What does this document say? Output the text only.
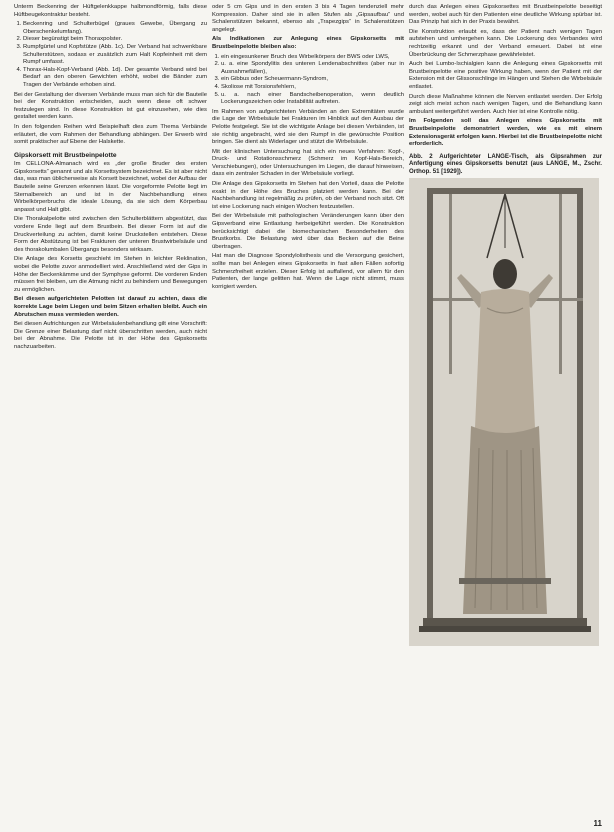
Unterm Beckenring der Hüftgelenkkappe halbmondförmig, falls diese Hüftbeugekontraktur besteht.

1. Beckenring und Schulterbügel (graues Gewebe, Übergang zu Oberschenkelumfang).
2. Dieser begünstigt beim Thoraxpolster.
3. Rumpfgürtel und Kopfstütze (Abb. 1c). Der Verband hat schwenkbare Schulterstützen, sodass er zusätzlich zum Halt Kopfeinheit mit dem Rumpf umfasst.
4. Thorax-Hals-Kopf-Verband (Abb. 1d). Der gesamte Verband wird bei Bedarf an den oberen Gewichten erhöht, wobei die Bänder zum Tragen der Verbände erhoben sind.

Bei der Gestaltung der diversen Verbände muss man sich für die Bauteile bei der Konstruktion entscheiden, auch wenn diese oft schwer festzulegen sind. In diese Konstruktion ist gut einzusehen, wie dies gestaltet werden kann.

In den folgenden Reihen wird Beispielhaft dies zum Thema Verbände erläutert, die vom Rahmen der Behandlung abhängen. Der Erwerb wird somit praktischer auf Ebene der Halskette.

Gipskorsett mit Brustbeinpelotte

Im CELLONA-Almanach wird es „der große Bruder des ersten Gipskorsetts“ genannt und als Korsettsystem bezeichnet. Es ist aber nicht das, was man üblicherweise als Korsett bezeichnet, wobei der Aufbau der Bauteile seine Grenzen erkennen lässt. Die vorgeformte Pelotte liegt im Sternalbereich an und ist in der Nachbehandlung eines Wirbelkörperbruchs die ideale Lösung, da sie sich dem Körperbau anpasst und Halt gibt.

Die Thorakalpelotte wird zwischen den Schulterblättern abgestützt, das vordere Ende liegt auf dem Brustbein. Bei dieser Form ist auf die Druckverteilung zu achten, damit keine Druckstellen entstehen. Diese Form der Abstützung ist bei Frakturen der unteren Brustwirbelsäule und des thorakolumbalen Übergangs besonders wirksam.

Die Anlage des Korsetts geschieht im Stehen in leichter Reklination, wobei die Pelotte zuvor anmodelliert wird. Anschließend wird der Gips in Höhe der Beckenkämme und der Symphyse geformt. Die vorderen Enden müssen frei bleiben, um die Atmung nicht zu behindern und Bewegungen zu ermöglichen.

Bei diesen aufgerichteten Pelotten ist darauf zu achten, dass die korrekte Lage beim Liegen und beim Sitzen erhalten bleibt. Auch ein Abrutschen muss vermieden werden.

Bei diesen Aufrichtungen zur Wirbelsäulenbehandlung gilt eine Vorschrift: Die Grenze einer Belastung darf nicht überschritten werden, auch nicht bei der Abnahme. Die Pelotte ist in der Höhe des Gipskorsetts nachzuarbeiten.

oder 5 cm Gips und in den ersten 3 bis 4 Tagen tendenziell mehr Kompression. Daher sind sie in allen Stufen als „Gipsaufbau“ und Schalenstützen bekannt, ebenso als „Trapezgips“ in Schalenstützen angelegt.

Als Indikationen zur Anlegung eines Gipskorsetts mit Brustbeinpelotte bleiben also:

1. ein eingesunkener Bruch des Wirbelkörpers der BWS oder LWS,
2. u. a. eine Spondylitis des unteren Lendenabschnittes (aber nur in Ausnahmefällen),
3. ein Gibbus oder Scheuermann-Syndrom,
4. Skoliose mit Torsionsfehlern,
5. u. a. nach einer Bandscheibenoperation, wenn deutlich Lockerungszeichen oder Instabilität auftreten.

Im Rahmen von aufgerichteten Verbänden an den Extremitäten wurde die Lage der Wirbelsäule bei Frakturen im Hinblick auf den Ausbau der Pelotte festgelegt. Sie ist die wichtigste Anlage bei diesen Verbänden, ist sie richtig angebracht, wird sie den Rumpf in die gewünschte Position bringen. Sie dient als Widerlager und stützt die Wirbelsäule.

Mit der klinischen Untersuchung hat sich ein neues Verfahren: Kopf-, Druck- und Rotationsschmerz (Schmerz im Kopf-Hals-Bereich, Verschiebungen), oder Untersuchungen im Liegen, die darauf hinweisen, dass ein zentraler Schaden in der Wirbelsäule vorliegt.

Die Anlage des Gipskorsetts im Stehen hat den Vorteil, dass die Pelotte exakt in der Höhe des Bruches platziert werden kann. Bei der Nachbehandlung ist regelmäßig zu prüfen, ob der Verband noch sitzt. Oft ist eine Lockerung nach einigen Wochen festzustellen.

Bei der Wirbelsäule mit pathologischen Veränderungen kann über den Gipsverband eine Entlastung herbeigeführt werden. Die Konstruktion berücksichtigt dabei die biomechanischen Besonderheiten des Brustkorbs. Die Belastung wird über das Becken auf die Beine übertragen.

Hat man die Diagnose Spondylolisthesis und die Versorgung gesichert, sollte man bei Anlegen eines Gipskorsetts in fast allen Fällen sofortig Schmerzfreiheit erzielen. Dieser Erfolg ist auffallend, vor allem für den Patienten, der lange gelitten hat. Wenn die Lage nicht stimmt, muss korrigiert werden.

durch das Anlegen eines Gipskorsettes mit Brustbeinpelotte beseitigt werden, wobei auch für den Patienten eine deutliche Wirkung spürbar ist. Das Prinzip hat sich in der Praxis bewährt.

Die Konstruktion erlaubt es, dass der Patient nach wenigen Tagen aufstehen und umhergehen kann. Die Lockerung des Verbandes wird rechtzeitig erkannt und der Verband erneuert. Dabei ist eine Überbrückung der Schmerzphase gewährleistet.

Auch bei Lumbo-Ischialgien kann die Anlegung eines Gipskorsetts mit Brustbeinpelotte eine positive Wirkung haben, wenn der Patient mit der Extension mit der Glissonschlinge im Hängen und Stehen die Wirbelsäule entlastet.

Durch diese Maßnahme können die Nerven entlastet werden. Der Erfolg zeigt sich meist schon nach wenigen Tagen, und die Behandlung kann ambulant weitergeführt werden. Auch hier ist eine Kontrolle nötig.

Im Folgenden soll das Anlegen eines Gipskorsetts mit Brustbeinpelotte demonstriert werden, wie es mit einem Extensionsgerät erfolgen kann. Hierbei ist die Brustbeinpelotte nicht erforderlich.

Abb. 2 Aufgerichteter LANGE-Tisch, als Gipsrahmen zur Anfertigung eines Gipskorsetts benutzt (aus LANGE, M., Zschr. Orthop. 51 [1929]).
11
